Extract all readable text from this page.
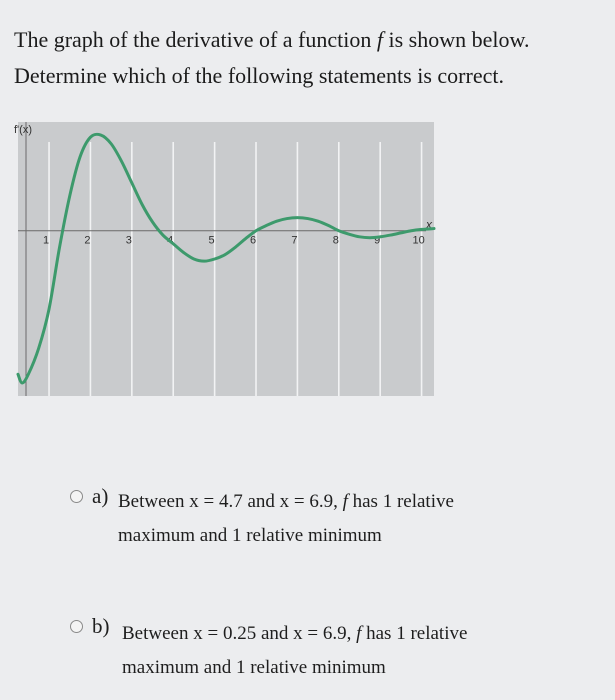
The graph of the derivative of a function f is shown below.
Determine which of the following statements is correct.
1	2	3	4	5	6	7	8	9	10
f'(x)
x
a) Between x = 4.7 and x = 6.9, f has 1 relative
maximum and 1 relative minimum
b) Between x = 0.25 and x = 6.9, f has 1 relative
maximum and 1 relative minimum
